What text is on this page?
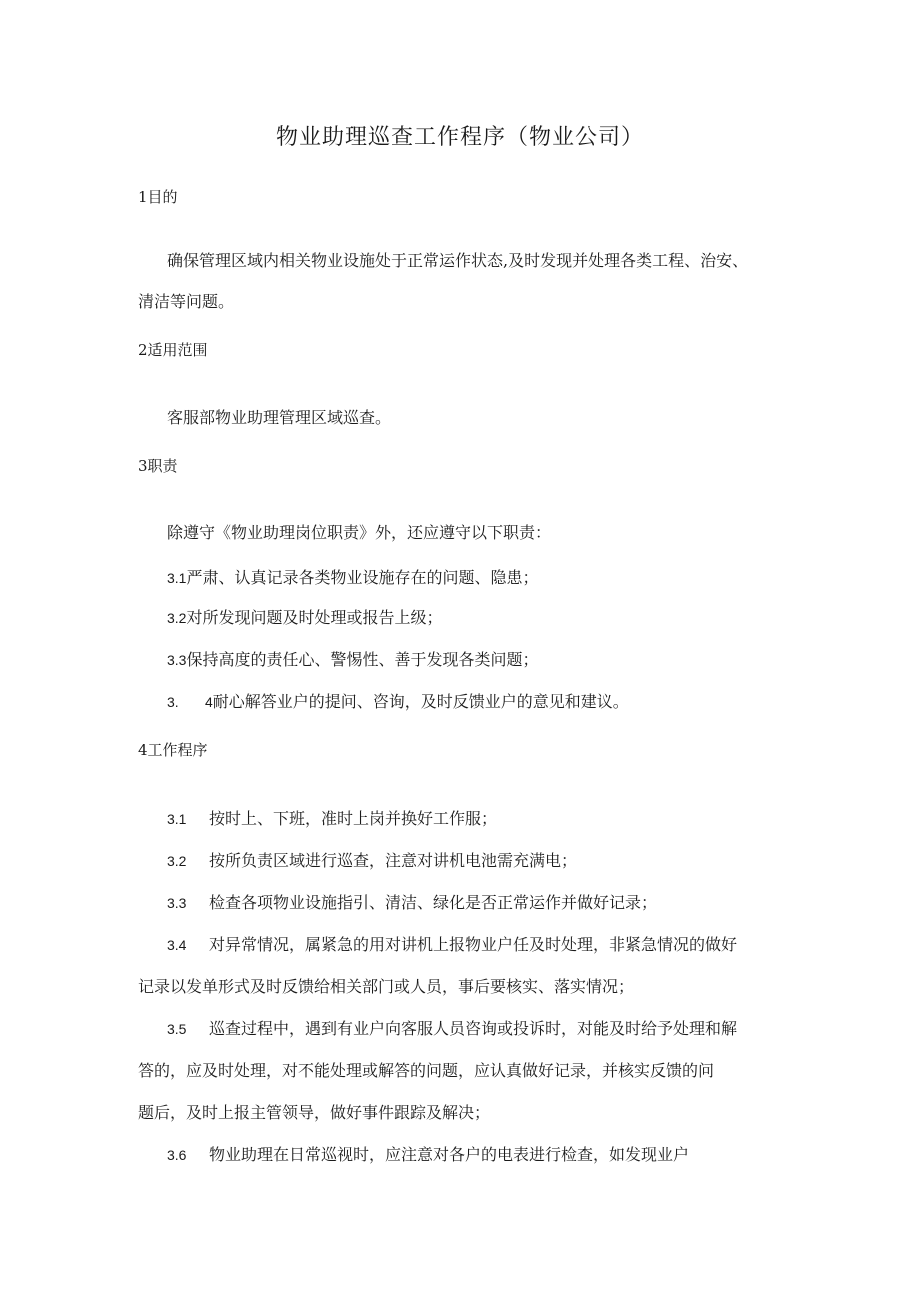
物业助理巡查工作程序（物业公司）
1目的
确保管理区域内相关物业设施处于正常运作状态,及时发现并处理各类工程、治安、
清洁等问题。
2适用范围
客服部物业助理管理区域巡查。
3职责
除遵守《物业助理岗位职责》外，还应遵守以下职责：
3.1严肃、认真记录各类物业设施存在的问题、隐患；
3.2对所发现问题及时处理或报告上级；
3.3保持高度的责任心、警惕性、善于发现各类问题；
3. 4耐心解答业户的提问、咨询，及时反馈业户的意见和建议。
4工作程序
3.1 按时上、下班，准时上岗并换好工作服；
3.2 按所负责区域进行巡查，注意对讲机电池需充满电；
3.3 检查各项物业设施指引、清洁、绿化是否正常运作并做好记录；
3.4 对异常情况，属紧急的用对讲机上报物业户任及时处理，非紧急情况的做好
记录以发单形式及时反馈给相关部门或人员，事后要核实、落实情况；
3.5 巡查过程中，遇到有业户向客服人员咨询或投诉时，对能及时给予处理和解
答的，应及时处理，对不能处理或解答的问题，应认真做好记录，并核实反馈的问
题后，及时上报主管领导，做好事件跟踪及解决；
3.6 物业助理在日常巡视时，应注意对各户的电表进行检查，如发现业户
